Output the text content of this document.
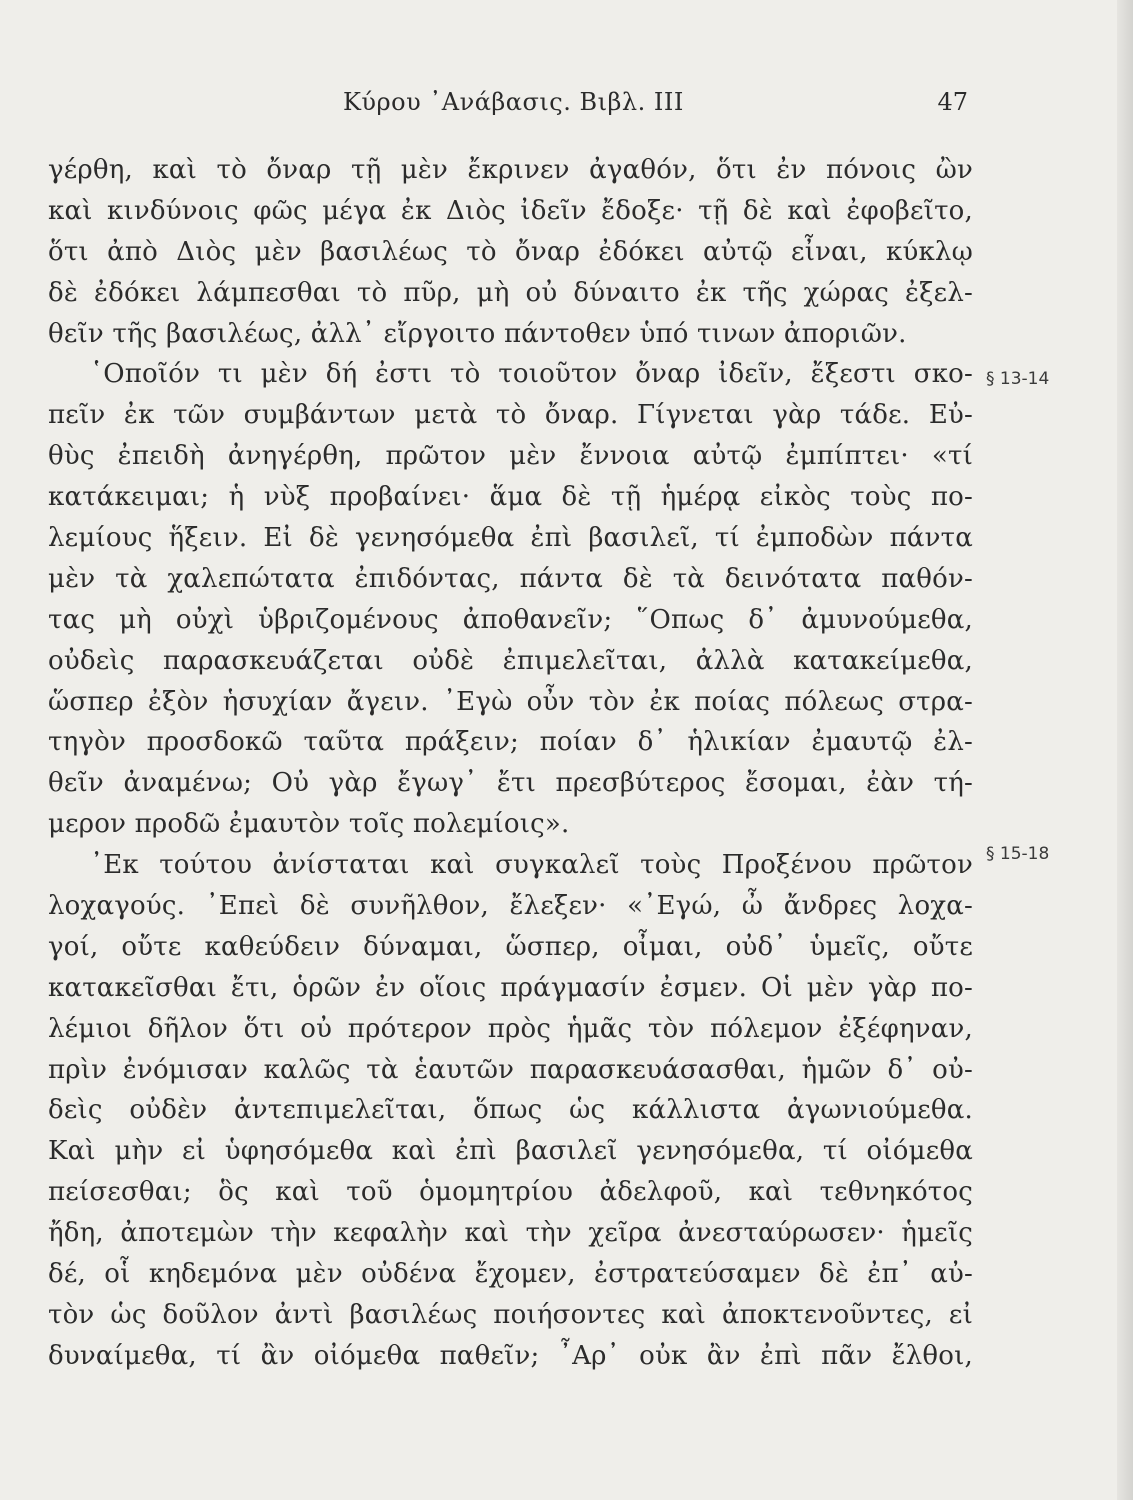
Κύρου ᾿Ανάβασις. Βιβλ. III	47
§ 13-14
§ 15-18
γέρθη, καὶ τὸ ὄναρ τῇ μὲν ἔκρινεν ἀγαθόν, ὅτι ἐν πόνοις ὢν
καὶ κινδύνοις φῶς μέγα ἐκ Διὸς ἰδεῖν ἔδοξε· τῇ δὲ καὶ ἐφοβεῖτο,
ὅτι ἀπὸ Διὸς μὲν βασιλέως τὸ ὄναρ ἐδόκει αὐτῷ εἶναι, κύκλῳ
δὲ ἐδόκει λάμπεσθαι τὸ πῦρ, μὴ οὐ δύναιτο ἐκ τῆς χώρας ἐξελ-
θεῖν τῆς βασιλέως, ἀλλ᾿ εἴργοιτο πάντοθεν ὑπό τινων ἀποριῶν.
῾Οποῖόν τι μὲν δή ἐστι τὸ τοιοῦτον ὄναρ ἰδεῖν, ἔξεστι σκο-
πεῖν ἐκ τῶν συμβάντων μετὰ τὸ ὄναρ. Γίγνεται γὰρ τάδε. Εὐ-
θὺς ἐπειδὴ ἀνηγέρθη, πρῶτον μὲν ἔννοια αὐτῷ ἐμπίπτει· «τί
κατάκειμαι; ἡ νὺξ προβαίνει· ἅμα δὲ τῇ ἡμέρᾳ εἰκὸς τοὺς πο-
λεμίους ἥξειν. Εἰ δὲ γενησόμεθα ἐπὶ βασιλεῖ, τί ἐμποδὼν πάντα
μὲν τὰ χαλεπώτατα ἐπιδόντας, πάντα δὲ τὰ δεινότατα παθόν-
τας μὴ οὐχὶ ὑβριζομένους ἀποθανεῖν; ῞Οπως δ᾿ ἀμυνούμεθα,
οὐδεὶς παρασκευάζεται οὐδὲ ἐπιμελεῖται, ἀλλὰ κατακείμεθα,
ὥσπερ ἐξὸν ἡσυχίαν ἄγειν. ᾿Εγὼ οὖν τὸν ἐκ ποίας πόλεως στρα-
τηγὸν προσδοκῶ ταῦτα πράξειν; ποίαν δ᾿ ἡλικίαν ἐμαυτῷ ἐλ-
θεῖν ἀναμένω; Οὐ γὰρ ἔγωγ᾿ ἔτι πρεσβύτερος ἔσομαι, ἐὰν τή-
μερον προδῶ ἐμαυτὸν τοῖς πολεμίοις».
᾿Εκ τούτου ἀνίσταται καὶ συγκαλεῖ τοὺς Προξένου πρῶτον
λοχαγούς. ᾿Επεὶ δὲ συνῆλθον, ἔλεξεν· «᾿Εγώ, ὦ ἄνδρες λοχα-
γοί, οὔτε καθεύδειν δύναμαι, ὥσπερ, οἶμαι, οὐδ᾿ ὑμεῖς, οὔτε
κατακεῖσθαι ἔτι, ὁρῶν ἐν οἵοις πράγμασίν ἐσμεν. Οἱ μὲν γὰρ πο-
λέμιοι δῆλον ὅτι οὐ πρότερον πρὸς ἡμᾶς τὸν πόλεμον ἐξέφηναν,
πρὶν ἐνόμισαν καλῶς τὰ ἑαυτῶν παρασκευάσασθαι, ἡμῶν δ᾿ οὐ-
δεὶς οὐδὲν ἀντεπιμελεῖται, ὅπως ὡς κάλλιστα ἀγωνιούμεθα.
Καὶ μὴν εἰ ὑφησόμεθα καὶ ἐπὶ βασιλεῖ γενησόμεθα, τί οἰόμεθα
πείσεσθαι; ὃς καὶ τοῦ ὁμομητρίου ἀδελφοῦ, καὶ τεθνηκότος
ἤδη, ἀποτεμὼν τὴν κεφαλὴν καὶ τὴν χεῖρα ἀνεσταύρωσεν· ἡμεῖς
δέ, οἷ κηδεμόνα μὲν οὐδένα ἔχομεν, ἐστρατεύσαμεν δὲ ἐπ᾿ αὐ-
τὸν ὡς δοῦλον ἀντὶ βασιλέως ποιήσοντες καὶ ἀποκτενοῦντες, εἰ
δυναίμεθα, τί ἂν οἰόμεθα παθεῖν; ῏Αρ᾿ οὐκ ἂν ἐπὶ πᾶν ἔλθοι,
